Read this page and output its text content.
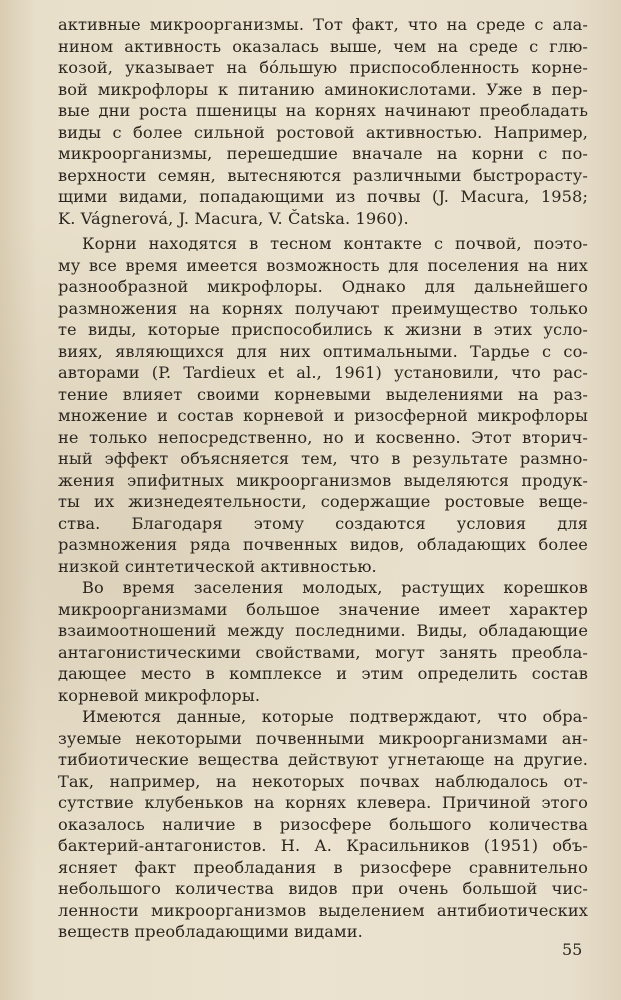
активные микроорганизмы. Тот факт, что на среде с ала-
нином активность оказалась выше, чем на среде с глю-
козой, указывает на бóльшую приспособленность корне-
вой микрофлоры к питанию аминокислотами. Уже в пер-
вые дни роста пшеницы на корнях начинают преобладать
виды с более сильной ростовой активностью. Например,
микроорганизмы, перешедшие вначале на корни с по-
верхности семян, вытесняются различными быстрорасту-
щими видами, попадающими из почвы (J. Macura, 1958;
K. Vágnerová, J. Macura, V. Čatska. 1960).
Корни находятся в тесном контакте с почвой, поэто-
му все время имеется возможность для поселения на них
разнообразной микрофлоры. Однако для дальнейшего
размножения на корнях получают преимущество только
те виды, которые приспособились к жизни в этих усло-
виях, являющихся для них оптимальными. Тардье с со-
авторами (P. Tardieux et al., 1961) установили, что рас-
тение влияет своими корневыми выделениями на раз-
множение и состав корневой и ризосферной микрофлоры
не только непосредственно, но и косвенно. Этот вторич-
ный эффект объясняется тем, что в результате размно-
жения эпифитных микроорганизмов выделяются продук-
ты их жизнедеятельности, содержащие ростовые веще-
ства. Благодаря этому создаются условия для
размножения ряда почвенных видов, обладающих более
низкой синтетической активностью.
Во время заселения молодых, растущих корешков
микроорганизмами большое значение имеет характер
взаимоотношений между последними. Виды, обладающие
антагонистическими свойствами, могут занять преобла-
дающее место в комплексе и этим определить состав
корневой микрофлоры.
Имеются данные, которые подтверждают, что обра-
зуемые некоторыми почвенными микроорганизмами ан-
тибиотические вещества действуют угнетающе на другие.
Так, например, на некоторых почвах наблюдалось от-
сутствие клубеньков на корнях клевера. Причиной этого
оказалось наличие в ризосфере большого количества
бактерий-антагонистов. Н. А. Красильников (1951) объ-
ясняет факт преобладания в ризосфере сравнительно
небольшого количества видов при очень большой чис-
ленности микроорганизмов выделением антибиотических
веществ преобладающими видами.
55
